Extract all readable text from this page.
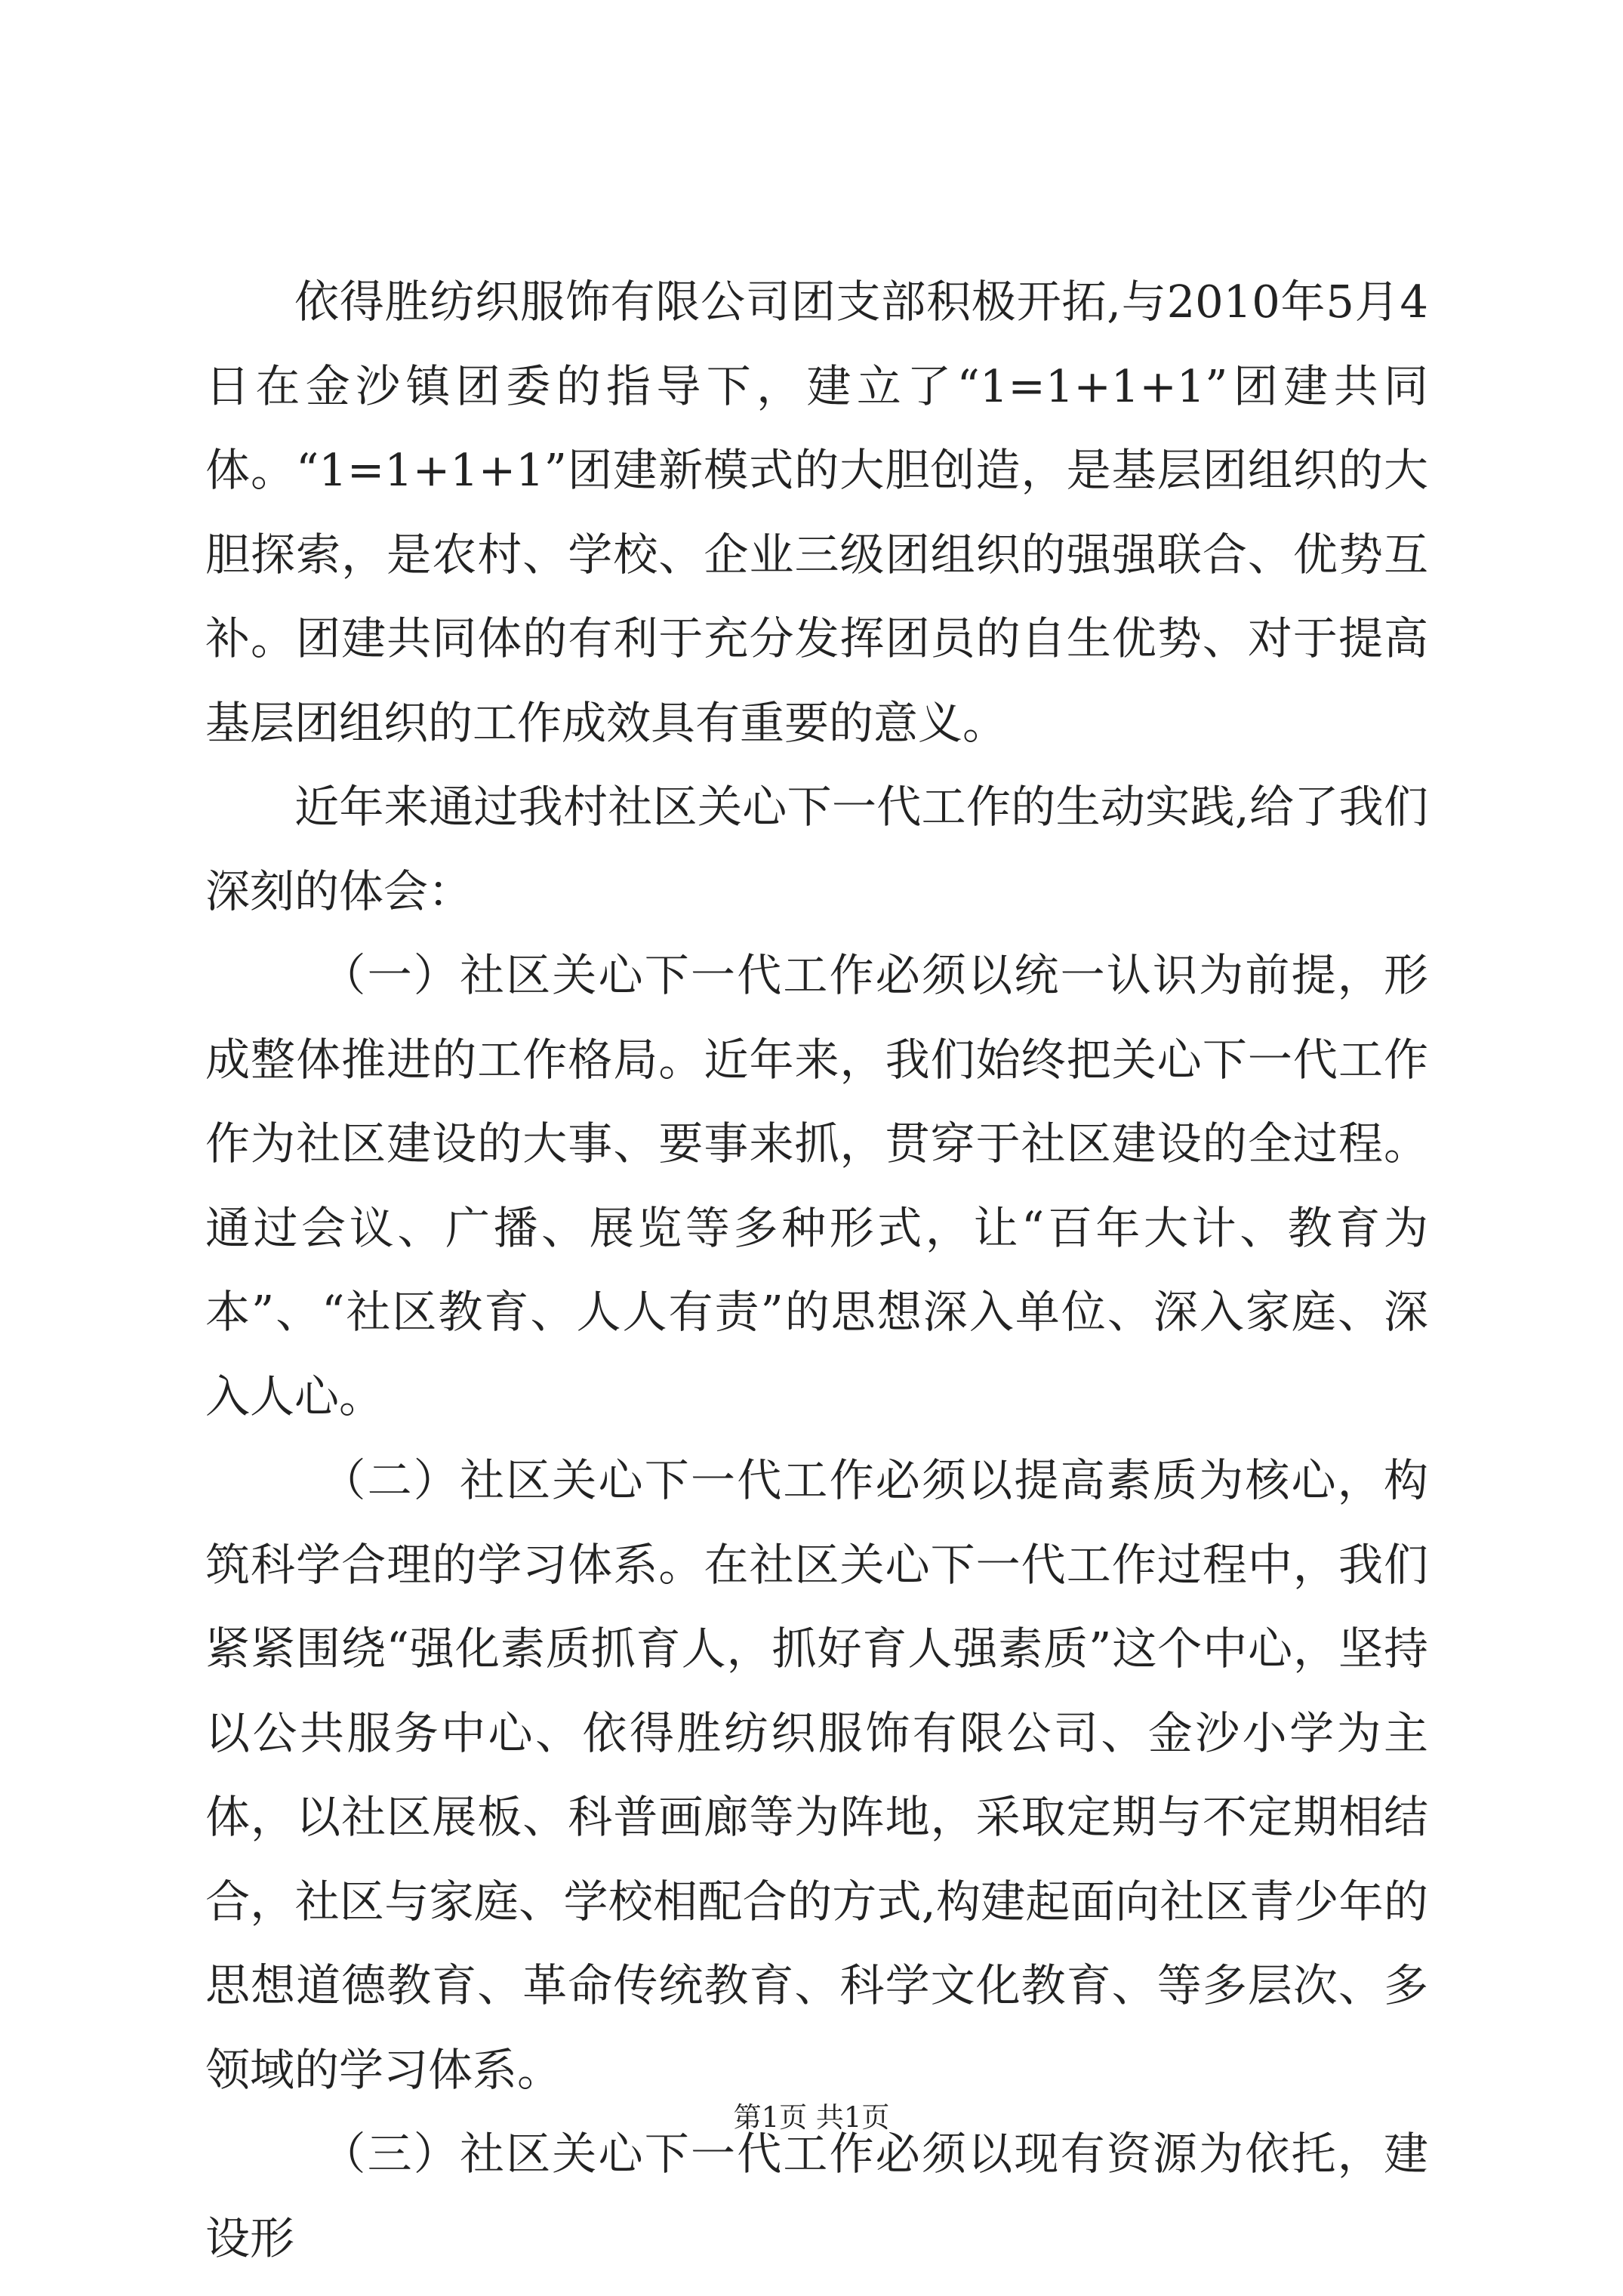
依得胜纺织服饰有限公司团支部积极开拓,与2010年5月4日在金沙镇团委的指导下，建立了“1=1+1+1”团建共同体。“1=1+1+1”团建新模式的大胆创造，是基层团组织的大胆探索，是农村、学校、企业三级团组织的强强联合、优势互补。团建共同体的有利于充分发挥团员的自生优势、对于提高基层团组织的工作成效具有重要的意义。

近年来通过我村社区关心下一代工作的生动实践,给了我们深刻的体会：

（一）社区关心下一代工作必须以统一认识为前提，形成整体推进的工作格局。近年来，我们始终把关心下一代工作作为社区建设的大事、要事来抓，贯穿于社区建设的全过程。通过会议、广播、展览等多种形式，让“百年大计、教育为本”、“社区教育、人人有责”的思想深入单位、深入家庭、深入人心。

（二）社区关心下一代工作必须以提高素质为核心，构筑科学合理的学习体系。在社区关心下一代工作过程中，我们紧紧围绕“强化素质抓育人，抓好育人强素质”这个中心，坚持以公共服务中心、依得胜纺织服饰有限公司、金沙小学为主体，以社区展板、科普画廊等为阵地，采取定期与不定期相结合，社区与家庭、学校相配合的方式,构建起面向社区青少年的思想道德教育、革命传统教育、科学文化教育、等多层次、多领域的学习体系。

（三）社区关心下一代工作必须以现有资源为依托，建设形

第1页 共1页
